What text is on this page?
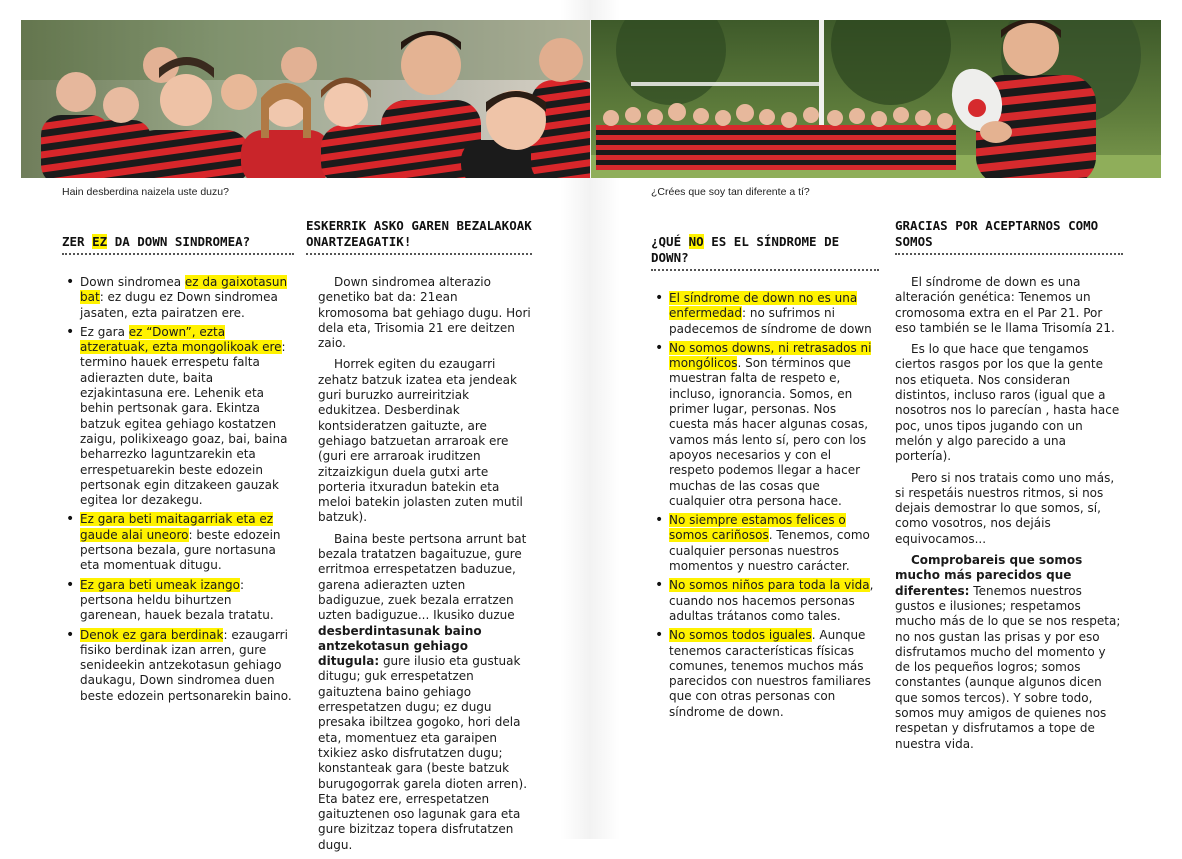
Hain desberdina naizela uste duzu?	¿Crées que soy tan diferente a tí?
ZER EZ DA DOWN SINDROMEA?
• Down sindromea ez da gaixotasun bat: ez dugu ez Down sindromea jasaten, ezta pairatzen ere.
• Ez gara ez “Down”, ezta atzeratuak, ezta mongolikoak ere: termino hauek errespetu falta adierazten dute, baita ezjakintasuna ere. Lehenik eta behin pertsonak gara. Ekintza batzuk egitea gehiago kostatzen zaigu, polikixeago goaz, bai, baina beharrezko laguntzarekin eta errespetuarekin beste edozein pertsonak egin ditzakeen gauzak egitea lor dezakegu.
• Ez gara beti maitagarriak eta ez gaude alai uneoro: beste edozein pertsona bezala, gure nortasuna eta momentuak ditugu.
• Ez gara beti umeak izango: pertsona heldu bihurtzen garenean, hauek bezala tratatu.
• Denok ez gara berdinak: ezaugarri fisiko berdinak izan arren, gure senideekin antzekotasun gehiago daukagu, Down sindromea duen beste edozein pertsonarekin baino.
ESKERRIK ASKO GAREN BEZALAKOAK ONARTZEAGATIK!

Down sindromea alterazio genetiko bat da: 21ean kromosoma bat gehiago dugu. Hori dela eta, Trisomia 21 ere deitzen zaio.

Horrek egiten du ezaugarri zehatz batzuk izatea eta jendeak guri buruzko aurreiritziak edukitzea. Desberdinak kontsideratzen gaituzte, are gehiago batzuetan arraroak ere (guri ere arraroak iruditzen zitzaizkigun duela gutxi arte porteria itxuradun batekin eta meloi batekin jolasten zuten mutil batzuk).

Baina beste pertsona arrunt bat bezala tratatzen bagaituzue, gure erritmoa errespetatzen baduzue, garena adierazten uzten badiguzue, zuek bezala erratzen uzten badiguzue... Ikusiko duzue desberdintasunak baino antzekotasun gehiago ditugula: gure ilusio eta gustuak ditugu; guk errespetatzen gaituztena baino gehiago errespetatzen dugu; ez dugu presaka ibiltzea gogoko, hori dela eta, momentuez eta garaipen txikiez asko disfrutatzen dugu; konstanteak gara (beste batzuk burugogorrak garela dioten arren). Eta batez ere, errespetatzen gaituztenen oso lagunak gara eta gure bizitzaz topera disfrutatzen dugu.

¿QUÉ NO ES EL SÍNDROME DE DOWN?
• El síndrome de down no es una enfermedad: no sufrimos ni padecemos de síndrome de down
• No somos downs, ni retrasados ni mongólicos. Son términos que muestran falta de respeto e, incluso, ignorancia. Somos, en primer lugar, personas. Nos cuesta más hacer algunas cosas, vamos más lento sí, pero con los apoyos necesarios y con el respeto podemos llegar a hacer muchas de las cosas que cualquier otra persona hace.
• No siempre estamos felices o somos cariñosos. Tenemos, como cualquier personas nuestros momentos y nuestro carácter.
• No somos niños para toda la vida, cuando nos hacemos personas adultas trátanos como tales.
• No somos todos iguales. Aunque tenemos características físicas comunes, tenemos muchos más parecidos con nuestros familiares que con otras personas con síndrome de down.
GRACIAS POR ACEPTARNOS COMO SOMOS

El síndrome de down es una alteración genética: Tenemos un cromosoma extra en el Par 21. Por eso también se le llama Trisomía 21.

Es lo que hace que tengamos ciertos rasgos por los que la gente nos etiqueta. Nos consideran distintos, incluso raros (igual que a nosotros nos lo parecían , hasta hace poc, unos tipos jugando con un melón y algo parecido a una portería).

Pero si nos tratais como uno más, si respetáis nuestros ritmos, si nos dejais demostrar lo que somos, sí, como vosotros, nos dejáis equivocamos...

Comprobareis que somos mucho más parecidos que diferentes: Tenemos nuestros gustos e ilusiones; respetamos mucho más de lo que se nos respeta; no nos gustan las prisas y por eso disfrutamos mucho del momento y de los pequeños logros; somos constantes (aunque algunos dicen que somos tercos). Y sobre todo, somos muy amigos de quienes nos respetan y disfrutamos a tope de nuestra vida.
